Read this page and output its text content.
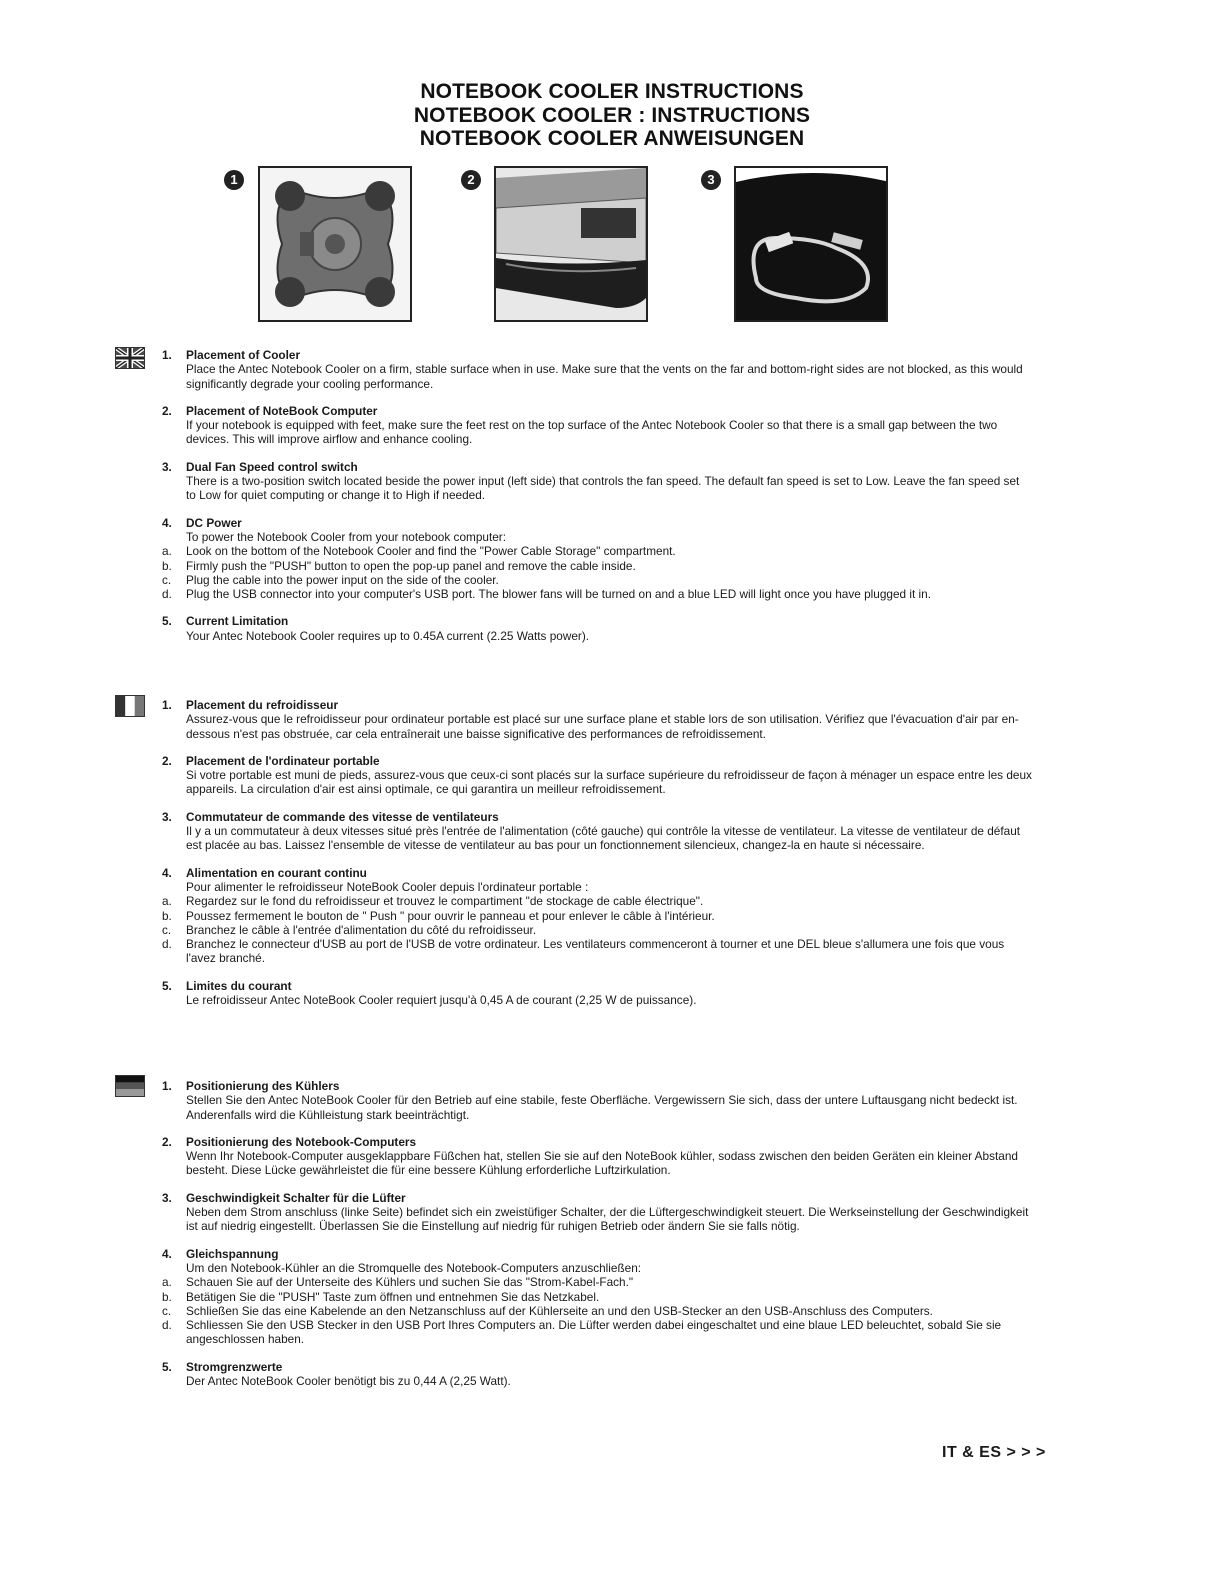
NOTEBOOK COOLER INSTRUCTIONS
NOTEBOOK COOLER : INSTRUCTIONS
NOTEBOOK COOLER ANWEISUNGEN
1	2	3
1.	Placement of Cooler
Place the Antec Notebook Cooler on a firm, stable surface when in use. Make sure that the vents on the far and bottom-right sides are not blocked, as this would significantly degrade your cooling performance.
2.	Placement of NoteBook Computer
If your notebook is equipped with feet, make sure the feet rest on the top surface of the Antec Notebook Cooler so that there is a small gap between the two devices. This will improve airflow and enhance cooling.
3.	Dual Fan Speed control switch
There is a two-position switch located beside the power input (left side) that controls the fan speed. The default fan speed is set to Low. Leave the fan speed set to Low for quiet computing or change it to High if needed.
4.	DC Power
To power the Notebook Cooler from your notebook computer:
a. Look on the bottom of the Notebook Cooler and find the "Power Cable Storage" compartment.
b. Firmly push the "PUSH" button to open the pop-up panel and remove the cable inside.
c. Plug the cable into the power input on the side of the cooler.
d. Plug the USB connector into your computer's USB port. The blower fans will be turned on and a blue LED will light once you have plugged it in.
5.	Current Limitation
Your Antec Notebook Cooler requires up to 0.45A current (2.25 Watts power).
1.	Placement du refroidisseur
Assurez-vous que le refroidisseur pour ordinateur portable est placé sur une surface plane et stable lors de son utilisation. Vérifiez que l'évacuation d'air par en-dessous n'est pas obstruée, car cela entraînerait une baisse significative des performances de refroidissement.
2.	Placement de l'ordinateur portable
Si votre portable est muni de pieds, assurez-vous que ceux-ci sont placés sur la surface supérieure du refroidisseur de façon à ménager un espace entre les deux appareils. La circulation d'air est ainsi optimale, ce qui garantira un meilleur refroidissement.
3.	Commutateur de commande des vitesse de ventilateurs
Il y a un commutateur à deux vitesses situé près l'entrée de l'alimentation (côté gauche) qui contrôle la vitesse de ventilateur. La vitesse de ventilateur de défaut est placée au bas. Laissez l'ensemble de vitesse de ventilateur au bas pour un fonctionnement silencieux, changez-la en haute si nécessaire.
4.	Alimentation en courant continu
Pour alimenter le refroidisseur NoteBook Cooler depuis l'ordinateur portable :
a. Regardez sur le fond du refroidisseur et trouvez le compartiment "de stockage de cable électrique".
b. Poussez fermement le bouton de " Push " pour ouvrir le panneau et pour enlever le câble à l'intérieur.
c. Branchez le câble à l'entrée d'alimentation du côté du refroidisseur.
d. Branchez le connecteur d'USB au port de l'USB de votre ordinateur. Les ventilateurs commenceront à tourner et une DEL bleue s'allumera une fois que vous l'avez branché.
5.	Limites du courant
Le refroidisseur Antec NoteBook Cooler requiert jusqu'à 0,45 A de courant (2,25 W de puissance).
1.	Positionierung des Kühlers
Stellen Sie den Antec NoteBook Cooler für den Betrieb auf eine stabile, feste Oberfläche. Vergewissern Sie sich, dass der untere Luftausgang nicht bedeckt ist. Anderenfalls wird die Kühlleistung stark beeinträchtigt.
2.	Positionierung des Notebook-Computers
Wenn Ihr Notebook-Computer ausgeklappbare Füßchen hat, stellen Sie sie auf den NoteBook kühler, sodass zwischen den beiden Geräten ein kleiner Abstand besteht. Diese Lücke gewährleistet die für eine bessere Kühlung erforderliche Luftzirkulation.
3.	Geschwindigkeit Schalter für die Lüfter
Neben dem Strom anschluss (linke Seite) befindet sich ein zweistüfiger Schalter, der die Lüftergeschwindigkeit steuert. Die Werkseinstellung der Geschwindigkeit ist auf niedrig eingestellt. Überlassen Sie die Einstellung auf niedrig für ruhigen Betrieb oder ändern Sie sie falls nötig.
4.	Gleichspannung
Um den Notebook-Kühler an die Stromquelle des Notebook-Computers anzuschließen:
a. Schauen Sie auf der Unterseite des Kühlers und suchen Sie das "Strom-Kabel-Fach."
b. Betätigen Sie die "PUSH" Taste zum öffnen und entnehmen Sie das Netzkabel.
c. Schließen Sie das eine Kabelende an den Netzanschluss auf der Kühlerseite an und den USB-Stecker an den USB-Anschluss des Computers.
d. Schliessen Sie den USB Stecker in den USB Port Ihres Computers an. Die Lüfter werden dabei eingeschaltet und eine blaue LED beleuchtet, sobald Sie sie angeschlossen haben.
5.	Stromgrenzwerte
Der Antec NoteBook Cooler benötigt bis zu 0,44 A (2,25 Watt).
IT & ES > > >
